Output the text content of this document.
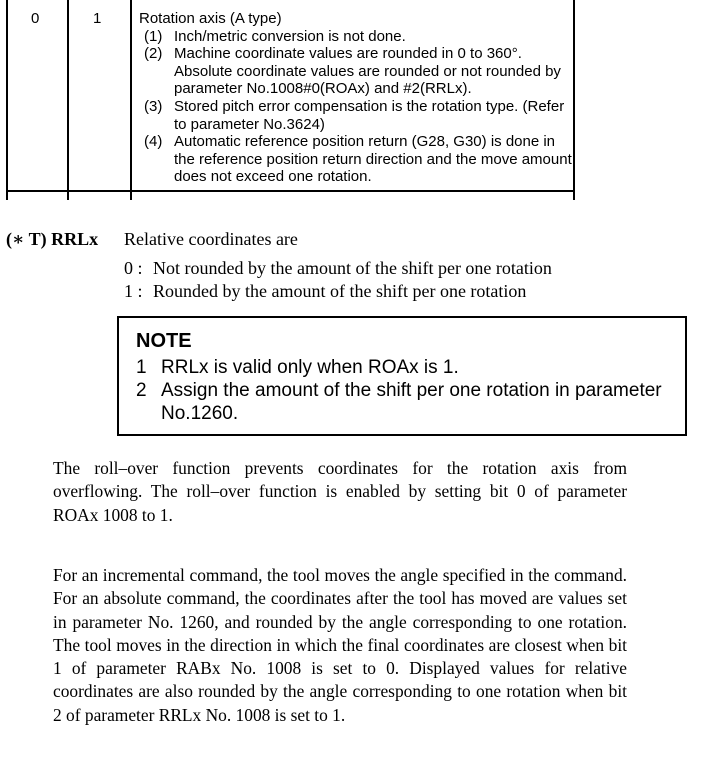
0	1	Rotation axis (A type)
(1) Inch/metric conversion is not done.
(2) Machine coordinate values are rounded in 0 to 360°. Absolute coordinate values are rounded or not rounded by parameter No.1008#0(ROAx) and #2(RRLx).
(3) Stored pitch error compensation is the rotation type. (Refer to parameter No.3624)
(4) Automatic reference position return (G28, G30) is done in the reference position return direction and the move amount does not exceed one rotation.
(∗ T) RRLx	Relative coordinates are
0 : Not rounded by the amount of the shift per one rotation
1 : Rounded by the amount of the shift per one rotation
NOTE
1 RRLx is valid only when ROAx is 1.
2 Assign the amount of the shift per one rotation in parameter No.1260.

The roll–over function prevents coordinates for the rotation axis from overflowing. The roll–over function is enabled by setting bit 0 of parameter ROAx 1008 to 1.

For an incremental command, the tool moves the angle specified in the command. For an absolute command, the coordinates after the tool has moved are values set in parameter No. 1260, and rounded by the angle corresponding to one rotation. The tool moves in the direction in which the final coordinates are closest when bit 1 of parameter RABx No. 1008 is set to 0. Displayed values for relative coordinates are also rounded by the angle corresponding to one rotation when bit 2 of parameter RRLx No. 1008 is set to 1.
